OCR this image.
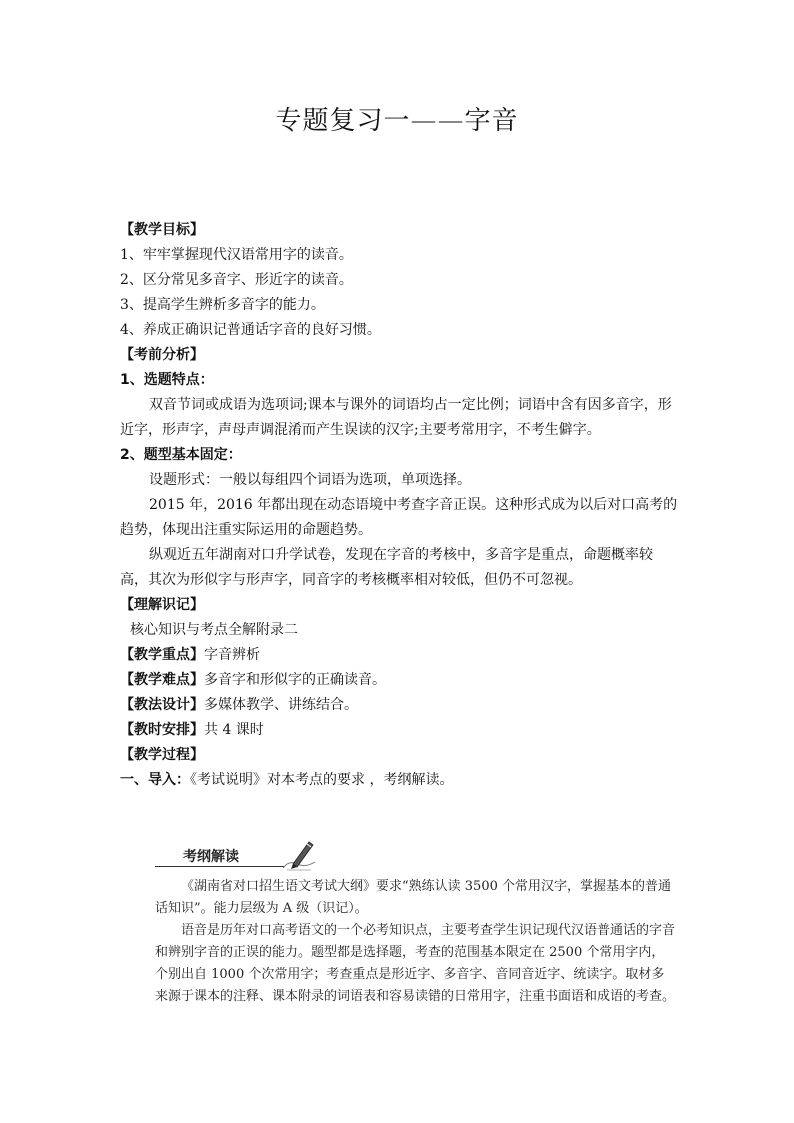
专题复习一——字音
【教学目标】
1、牢牢掌握现代汉语常用字的读音。
2、区分常见多音字、形近字的读音。
3、提高学生辨析多音字的能力。
4、养成正确识记普通话字音的良好习惯。
【考前分析】
1、选题特点：
双音节词或成语为选项词;课本与课外的词语均占一定比例；词语中含有因多音字，形近字，形声字，声母声调混淆而产生误读的汉字;主要考常用字，不考生僻字。
2、题型基本固定：
设题形式：一般以每组四个词语为选项，单项选择。
2015 年，2016 年都出现在动态语境中考查字音正误。这种形式成为以后对口高考的趋势，体现出注重实际运用的命题趋势。
纵观近五年湖南对口升学试卷，发现在字音的考核中，多音字是重点，命题概率较高，其次为形似字与形声字，同音字的考核概率相对较低，但仍不可忽视。
【理解识记】
核心知识与考点全解附录二
【教学重点】字音辨析
【教学难点】多音字和形似字的正确读音。
【教法设计】多媒体教学、讲练结合。
【教时安排】共 4 课时
【教学过程】
一、导入：《考试说明》对本考点的要求 ，考纲解读。
考纲解读

《湖南省对口招生语文考试大纲》要求“熟练认读 3500 个常用汉字，掌握基本的普通话知识”。能力层级为 A 级（识记）。

语音是历年对口高考语文的一个必考知识点，主要考查学生识记现代汉语普通话的字音和辨别字音的正误的能力。题型都是选择题，考查的范围基本限定在 2500 个常用字内，个别出自 1000 个次常用字；考查重点是形近字、多音字、音同音近字、统读字。取材多来源于课本的注释、课本附录的词语表和容易读错的日常用字，注重书面语和成语的考查。
